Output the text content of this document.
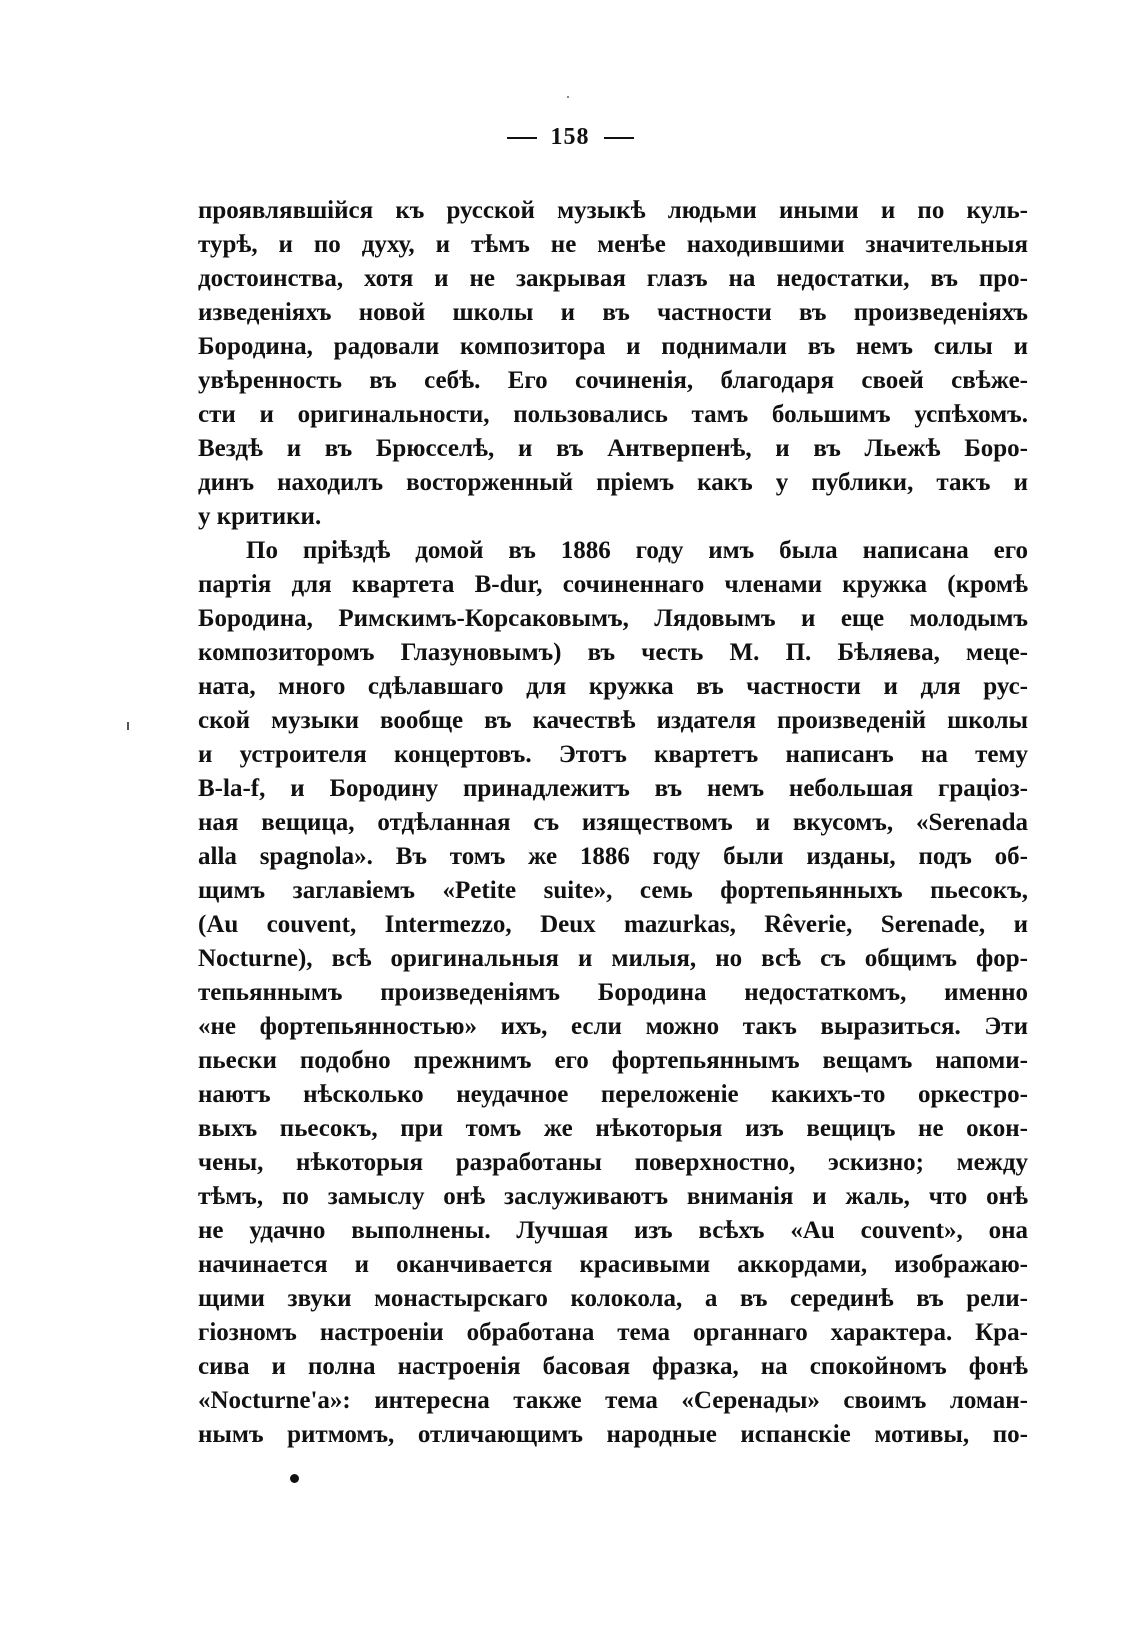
158
проявлявшійся къ русской музыкѣ людьми иными и по куль-
турѣ, и по духу, и тѣмъ не менѣе находившими значительныя
достоинства, хотя и не закрывая глазъ на недостатки, въ про-
изведеніяхъ новой школы и въ частности въ произведеніяхъ
Бородина, радовали композитора и поднимали въ немъ силы и
увѣренность въ себѣ. Его сочиненія, благодаря своей свѣже-
сти и оригинальности, пользовались тамъ большимъ успѣхомъ.
Вездѣ и въ Брюсселѣ, и въ Антверпенѣ, и въ Льежѣ Боро-
динъ находилъ восторженный пріемъ какъ у публики, такъ и
у критики.
По пріѣздѣ домой въ 1886 году имъ была написана его
партія для квартета B-dur, сочиненнаго членами кружка (кромѣ
Бородина, Римскимъ-Корсаковымъ, Лядовымъ и еще молодымъ
композиторомъ Глазуновымъ) въ честь М. П. Бѣляева, мецe-
ната, много сдѣлавшаго для кружка въ частности и для рус-
ской музыки вообще въ качествѣ издателя произведеній школы
и устроителя концертовъ. Этотъ квартетъ написанъ на тему
B-la-f, и Бородину принадлежитъ въ немъ небольшая граціоз-
ная вещица, отдѣланная съ изяществомъ и вкусомъ, «Serenada
alla spagnola». Въ томъ же 1886 году были изданы, подъ об-
щимъ заглавіемъ «Petite suite», семь фортепьянныхъ пьесокъ,
(Au couvent, Intermezzo, Deux mazurkas, Rêverie, Serenade, и
Nocturne), всѣ оригинальныя и милыя, но всѣ съ общимъ фор-
тепьяннымъ произведеніямъ Бородина недостаткомъ, именно
«не фортепьянностью» ихъ, если можно такъ выразиться. Эти
пьески подобно прежнимъ его фортепьяннымъ вещамъ напоми-
наютъ нѣсколько неудачное переложеніе какихъ-то оркестро-
выхъ пьесокъ, при томъ же нѣкоторыя изъ вещицъ не окон-
чены, нѣкоторыя разработаны поверхностно, эскизно; между
тѣмъ, по замыслу онѣ заслуживаютъ вниманія и жаль, что онѣ
не удачно выполнены. Лучшая изъ всѣхъ «Au couvent», она
начинается и оканчивается красивыми аккордами, изображаю-
щими звуки монастырскаго колокола, а въ серединѣ въ рели-
гіозномъ настроеніи обработана тема органнаго характера. Кра-
сива и полна настроенія басовая фразка, на спокойномъ фонѣ
«Nocturne'а»: интересна также тема «Серенады» своимъ ломан-
нымъ ритмомъ, отличающимъ народные испанскіе мотивы, по-
